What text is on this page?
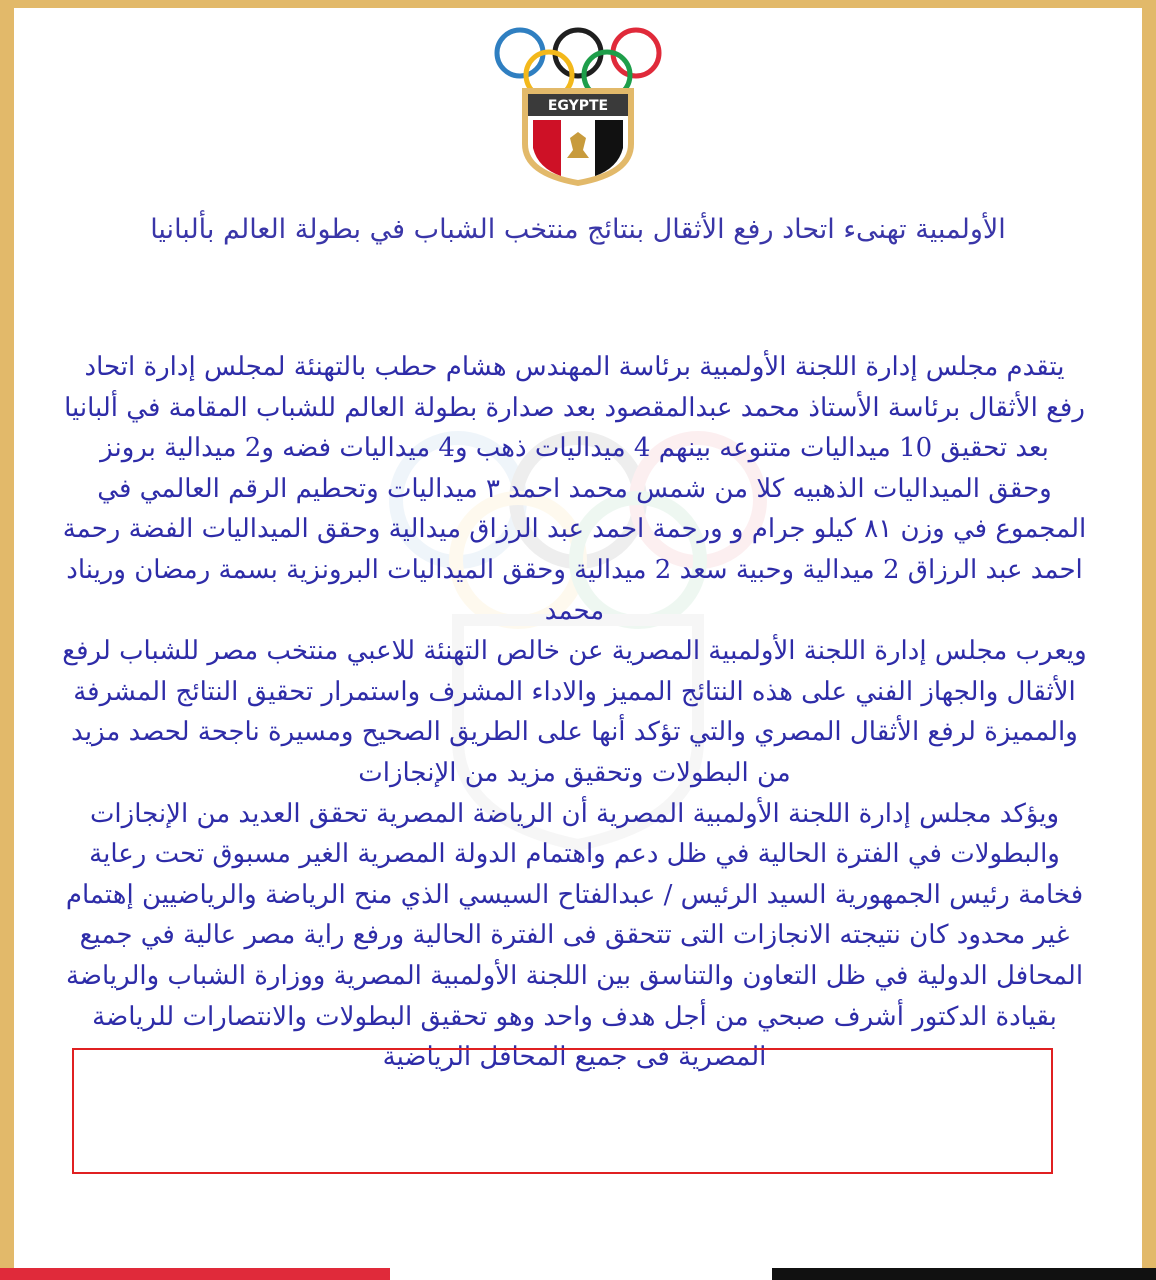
EGYPTE
الأولمبية تهنىء اتحاد رفع الأثقال بنتائج منتخب الشباب في بطولة العالم بألبانيا

يتقدم مجلس إدارة اللجنة الأولمبية برئاسة المهندس هشام حطب بالتهنئة لمجلس إدارة اتحاد رفع الأثقال برئاسة الأستاذ محمد عبدالمقصود بعد صدارة بطولة العالم للشباب المقامة في ألبانيا بعد تحقيق 10 ميداليات متنوعه بينهم 4 ميداليات ذهب و4 ميداليات فضه و2 ميدالية برونز

وحقق الميداليات الذهبيه كلا من شمس محمد احمد ٣ ميداليات وتحطيم الرقم العالمي في المجموع في وزن ٨١ كيلو جرام و ورحمة احمد عبد الرزاق ميدالية وحقق الميداليات الفضة رحمة احمد عبد الرزاق 2 ميدالية وحبية سعد 2 ميدالية وحقق الميداليات البرونزية بسمة رمضان وريناد محمد

ويعرب مجلس إدارة اللجنة الأولمبية المصرية عن خالص التهنئة للاعبي منتخب مصر للشباب لرفع الأثقال والجهاز الفني على هذه النتائج المميز والاداء المشرف واستمرار تحقيق النتائج المشرفة والمميزة لرفع الأثقال المصري والتي تؤكد أنها على الطريق الصحيح ومسيرة ناجحة لحصد مزيد من البطولات وتحقيق مزيد من الإنجازات

ويؤكد مجلس إدارة اللجنة الأولمبية المصرية أن الرياضة المصرية تحقق العديد من الإنجازات والبطولات في الفترة الحالية في ظل دعم واهتمام الدولة المصرية الغير مسبوق تحت رعاية فخامة رئيس الجمهورية السيد الرئيس / عبدالفتاح السيسي الذي منح الرياضة والرياضيين إهتمام غير محدود كان نتيجته الانجازات التى تتحقق فى الفترة الحالية ورفع راية مصر عالية في جميع المحافل الدولية في ظل التعاون والتناسق بين اللجنة الأولمبية المصرية ووزارة الشباب والرياضة بقيادة الدكتور أشرف صبحي من أجل هدف واحد وهو تحقيق البطولات والانتصارات للرياضة المصرية فى جميع المحافل الرياضية
